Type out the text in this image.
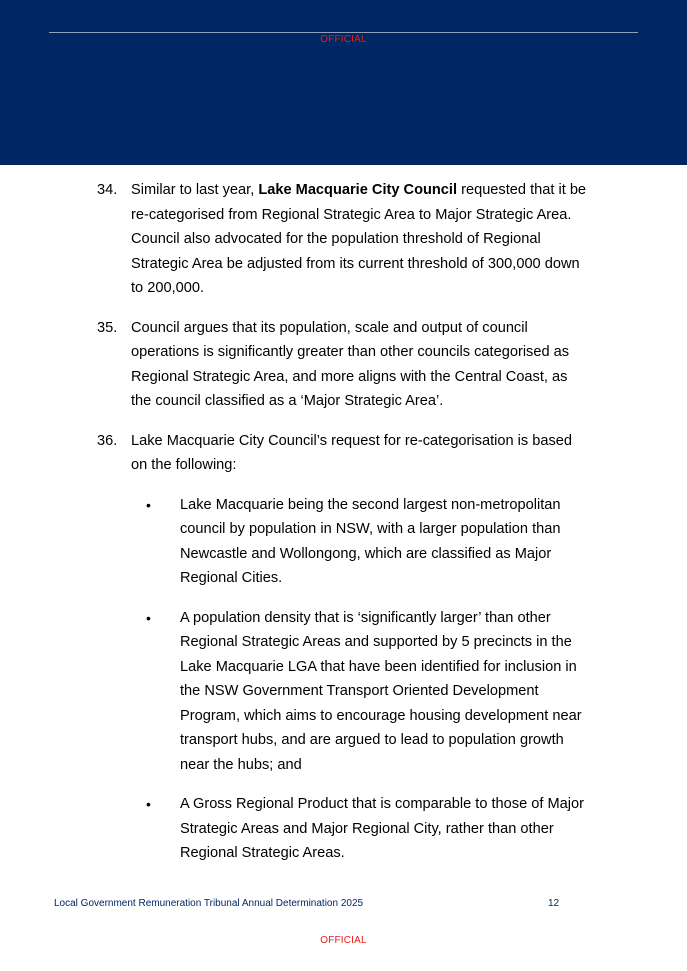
OFFICIAL
34. Similar to last year, Lake Macquarie City Council requested that it be re-categorised from Regional Strategic Area to Major Strategic Area. Council also advocated for the population threshold of Regional Strategic Area be adjusted from its current threshold of 300,000 down to 200,000.
35. Council argues that its population, scale and output of council operations is significantly greater than other councils categorised as Regional Strategic Area, and more aligns with the Central Coast, as the council classified as a ‘Major Strategic Area’.
36. Lake Macquarie City Council’s request for re-categorisation is based on the following:
• Lake Macquarie being the second largest non-metropolitan council by population in NSW, with a larger population than Newcastle and Wollongong, which are classified as Major Regional Cities.
• A population density that is ‘significantly larger’ than other Regional Strategic Areas and supported by 5 precincts in the Lake Macquarie LGA that have been identified for inclusion in the NSW Government Transport Oriented Development Program, which aims to encourage housing development near transport hubs, and are argued to lead to population growth near the hubs; and
• A Gross Regional Product that is comparable to those of Major Strategic Areas and Major Regional City, rather than other Regional Strategic Areas.
Local Government Remuneration Tribunal Annual Determination 2025	12
OFFICIAL
